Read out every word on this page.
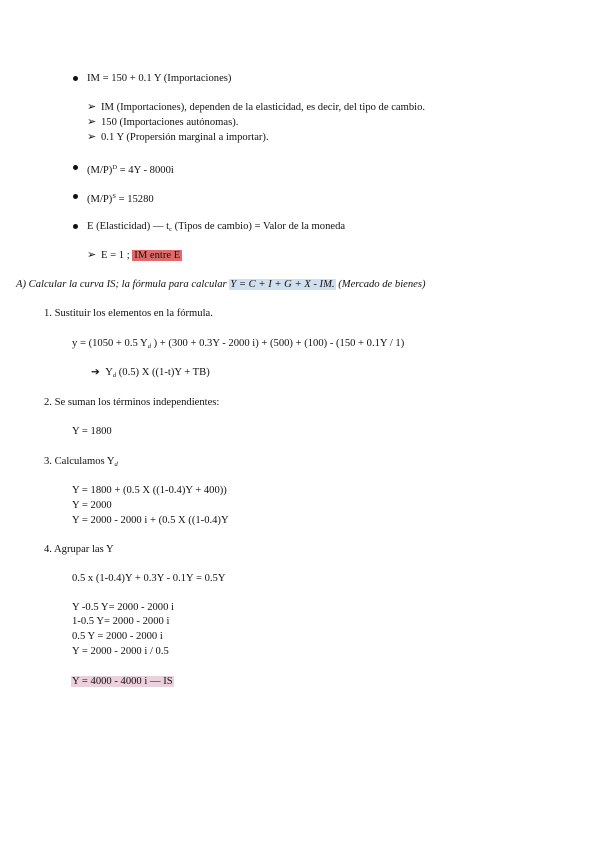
IM = 150 + 0.1 Y (Importaciones)
➢ IM (Importaciones), dependen de la elasticidad, es decir, del tipo de cambio.
➢ 150 (Importaciones autónomas).
➢ 0.1 Y (Propersión marginal a importar).
$(M/P)^D = 4Y - 8000i$
$(M/P)^S = 15280$
E (Elasticidad) — tc (Tipos de cambio) = Valor de la moneda
➢ E = 1 ; IM entre E
A) Calcular la curva IS; la fórmula para calcular Y = C + I + G + X - IM. (Mercado de bienes)
1. Sustituir los elementos en la fórmula.
y = (1050 + 0.5 $Y_d$ ) + (300 + 0.3Y - 2000 i) + (500) + (100) - (150 + 0.1Y / 1)
➔ $Y_d$ (0.5) X ((1-t)Y + TB)
2. Se suman los términos independientes:
Y = 1800
3. Calculamos $Y_d$
Y = 1800 + (0.5 X ((1-0.4)Y + 400))
Y = 2000
Y = 2000 - 2000 i + (0.5 X ((1-0.4)Y
4. Agrupar las Y
0.5 x (1-0.4)Y + 0.3Y - 0.1Y = 0.5Y
Y -0.5 Y= 2000 - 2000 i
1-0.5 Y= 2000 - 2000 i
0.5 Y = 2000 - 2000 i
Y = 2000 - 2000 i / 0.5
Y = 4000 - 4000 i — IS
